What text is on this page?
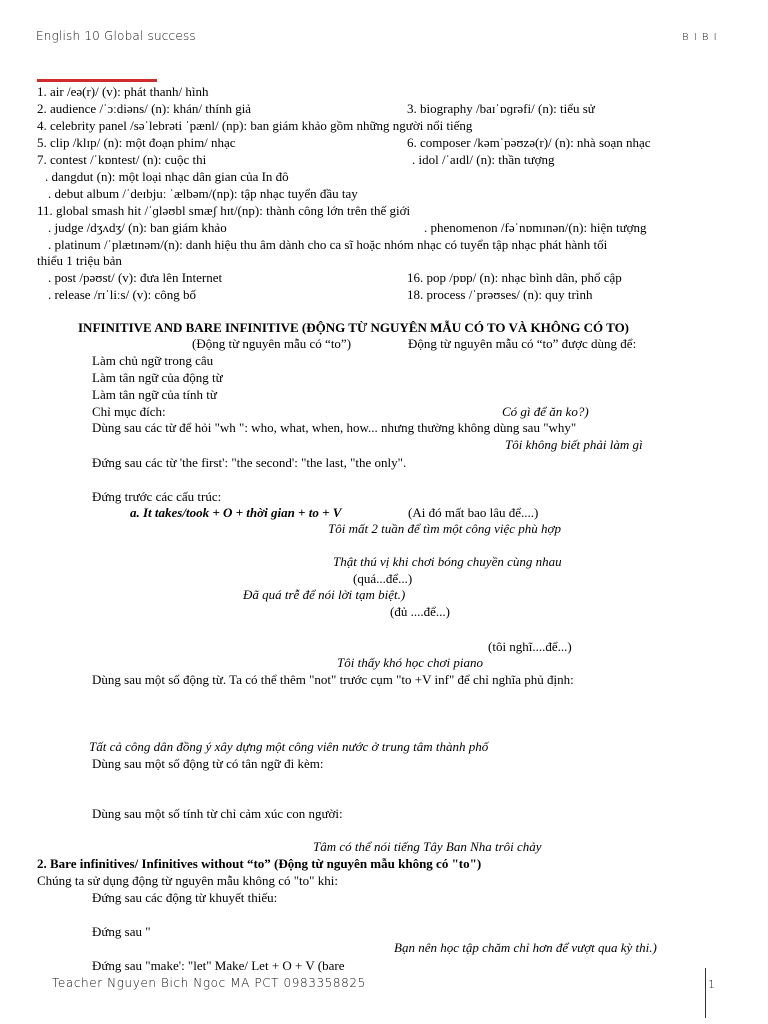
English 10 Global success	B I B I
1. air /eə(r)/ (v): phát thanh/ hình
2. audience /ˈɔːdiəns/ (n): khán/ thính giả	3. biography /baɪˈɒɡrəfi/ (n): tiểu sử
4. celebrity panel /səˈlebrəti ˈpænl/ (np): ban giám khảo gồm những người nổi tiếng
5. clip /klɪp/ (n): một đoạn phim/ nhạc	6. composer /kəmˈpəʊzə(r)/ (n): nhà soạn nhạc
7. contest /ˈkɒntest/ (n): cuộc thi	. idol /ˈaɪdl/ (n): thần tượng
. dangdut (n): một loại nhạc dân gian của In đô
. debut album /ˈdeɪbjuː ˈælbəm/(np): tập nhạc tuyển đầu tay
11. global smash hit /ˈɡləʊbl smæʃ hɪt/(np): thành công lớn trên thế giới
. judge /dʒʌdʒ/ (n): ban giám khảo	. phenomenon /fəˈnɒmɪnən/(n): hiện tượng
. platinum /ˈplætɪnəm/(n): danh hiệu thu âm dành cho ca sĩ hoặc nhóm nhạc có tuyển tập nhạc phát hành tối
thiểu 1 triệu bản
. post /pəʊst/ (v): đưa lên Internet	16. pop /pɒp/ (n): nhạc bình dân, phổ cập
. release /rɪˈliːs/ (v): công bố	18. process /ˈprəʊses/ (n): quy trình
INFINITIVE AND BARE INFINITIVE (ĐỘNG TỪ NGUYÊN MẪU CÓ TO VÀ KHÔNG CÓ TO)
(Động từ nguyên mẫu có “to”)	Động từ nguyên mẫu có “to” được dùng để:
Làm chủ ngữ trong câu
Làm tân ngữ của động từ
Làm tân ngữ của tính từ
Chỉ mục đích:	Có gì để ăn ko?)
Dùng sau các từ để hỏi "wh ": who, what, when, how... nhưng thường không dùng sau "why"
Tôi không biết phải làm gì
Đứng sau các từ 'the first': "the second': "the last, "the only".
Đứng trước các cấu trúc:
a. It takes/took + O + thời gian + to + V	(Ai đó mất bao lâu để....)
Tôi mất 2 tuần để tìm một công việc phù hợp
Thật thú vị khi chơi bóng chuyền cùng nhau
(quá...để...)
Đã quá trễ để nói lời tạm biệt.)
(đủ ....để...)
(tôi nghĩ....để...)
Tôi thấy khó học chơi piano
Dùng sau một số động từ. Ta có thể thêm "not" trước cụm "to +V inf" để chỉ nghĩa phủ định:
Tất cả công dân đồng ý xây dựng một công viên nước ở trung tâm thành phố
Dùng sau một số động từ có tân ngữ đi kèm:
Dùng sau một số tính từ chỉ cảm xúc con người:
Tâm có thể nói tiếng Tây Ban Nha trôi chảy
2. Bare infinitives/ Infinitives without “to” (Động từ nguyên mẫu không có "to")
Chúng ta sử dụng động từ nguyên mẫu không có "to" khi:
Đứng sau các động từ khuyết thiếu:
Đứng sau "
Bạn nên học tập chăm chỉ hơn để vượt qua kỳ thi.)
Đứng sau "make': "let" Make/ Let + O + V (bare
Teacher Nguyen Bich Ngoc MA PCT 0983358825	1
